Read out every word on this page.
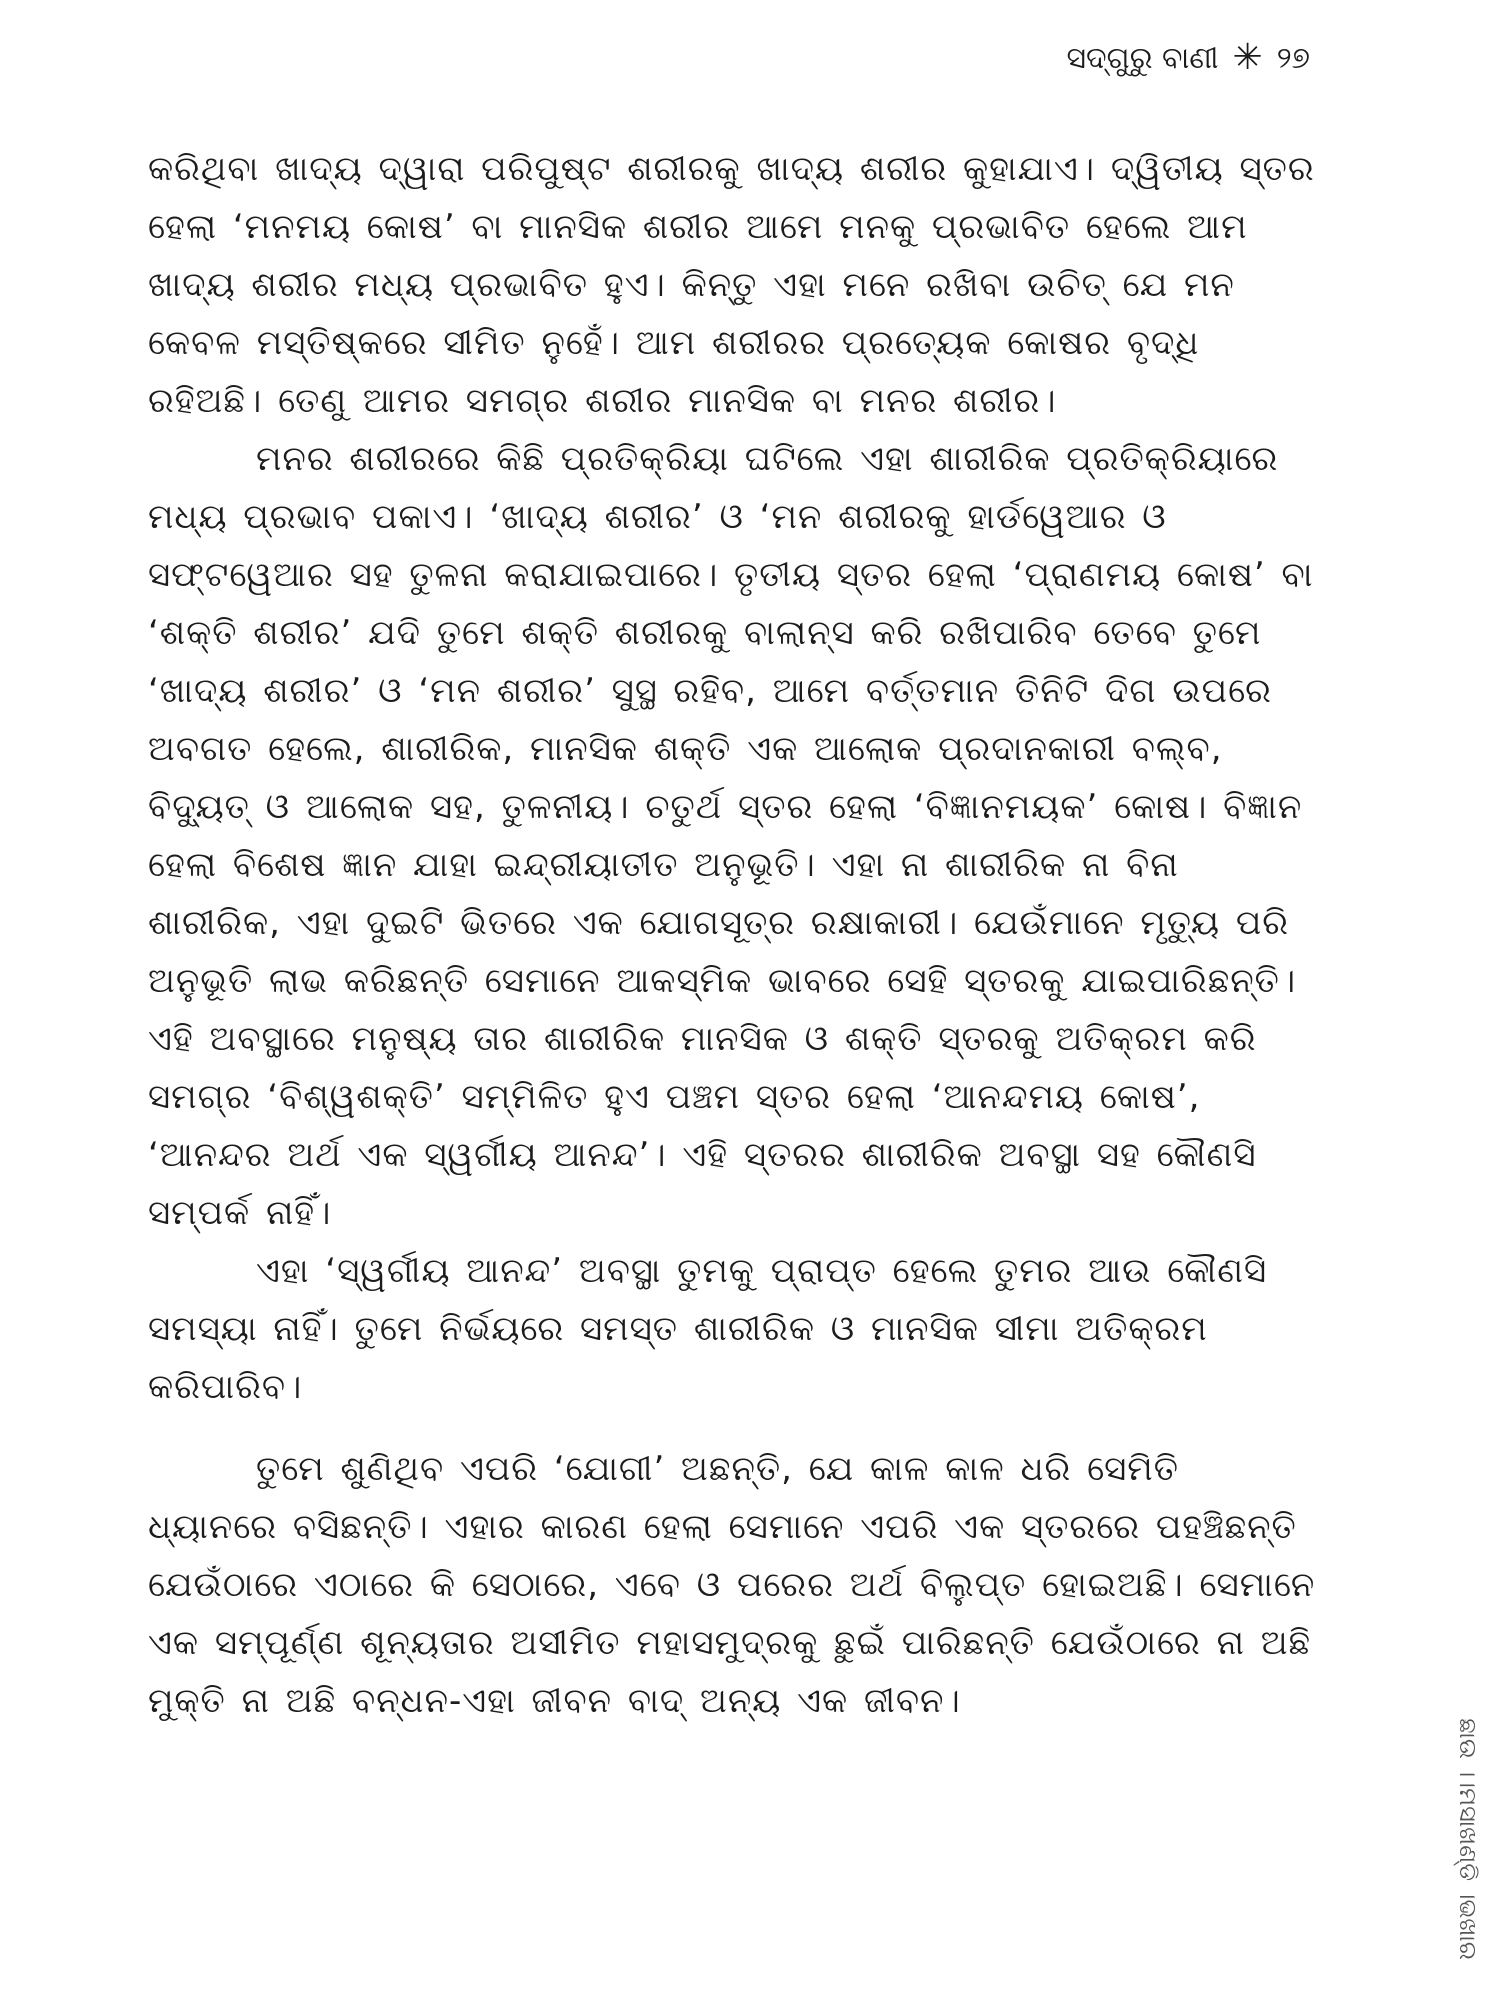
ସଦ୍‌ଗୁରୁ ବାଣୀ ✳ ୨୭

କରିଥିବା ଖାଦ୍ୟ ଦ୍ୱାରା ପରିପୁଷ୍ଟ ଶରୀରକୁ ଖାଦ୍ୟ ଶରୀର କୁହାଯାଏ। ଦ୍ୱିତୀୟ ସ୍ତର ହେଲା ‘ମନମୟ କୋଷ’ ବା ମାନସିକ ଶରୀର ଆମେ ମନକୁ ପ୍ରଭାବିତ ହେଲେ ଆମ ଖାଦ୍ୟ ଶରୀର ମଧ୍ୟ ପ୍ରଭାବିତ ହୁଏ। କିନ୍ତୁ ଏହା ମନେ ରଖିବା ଉଚିତ୍ ଯେ ମନ କେବଳ ମସ୍ତିଷ୍କରେ ସୀମିତ ନୁହେଁ। ଆମ ଶରୀରର ପ୍ରତ୍ୟେକ କୋଷର ବୃଦ୍ଧି ରହିଅଛି। ତେଣୁ ଆମର ସମଗ୍ର ଶରୀର ମାନସିକ ବା ମନର ଶରୀର।

ମନର ଶରୀରରେ କିଛି ପ୍ରତିକ୍ରିୟା ଘଟିଲେ ଏହା ଶାରୀରିକ ପ୍ରତିକ୍ରିୟାରେ ମଧ୍ୟ ପ୍ରଭାବ ପକାଏ। ‘ଖାଦ୍ୟ ଶରୀର’ ଓ ‘ମନ ଶରୀରକୁ ହାର୍ଡୱେଆର ଓ ସଫ୍ଟୱେଆର ସହ ତୁଳନା କରାଯାଇପାରେ। ତୃତୀୟ ସ୍ତର ହେଲା ‘ପ୍ରାଣମୟ କୋଷ’ ବା ‘ଶକ୍ତି ଶରୀର’ ଯଦି ତୁମେ ଶକ୍ତି ଶରୀରକୁ ବାଲାନ୍ସ କରି ରଖିପାରିବ ତେବେ ତୁମେ ‘ଖାଦ୍ୟ ଶରୀର’ ଓ ‘ମନ ଶରୀର’ ସୁସ୍ଥ ରହିବ, ଆମେ ବର୍ତ୍ତମାନ ତିନିଟି ଦିଗ ଉପରେ ଅବଗତ ହେଲେ, ଶାରୀରିକ, ମାନସିକ ଶକ୍ତି ଏକ ଆଲୋକ ପ୍ରଦାନକାରୀ ବଲ୍‌ବ, ବିଦ୍ୟୁତ୍ ଓ ଆଲୋକ ସହ, ତୁଳନୀୟ। ଚତୁର୍ଥ ସ୍ତର ହେଲା ‘ବିଜ୍ଞାନମୟକ’ କୋଷ। ବିଜ୍ଞାନ ହେଲା ବିଶେଷ ଜ୍ଞାନ ଯାହା ଇନ୍ଦ୍ରୀୟାତୀତ ଅନୁଭୂତି। ଏହା ନା ଶାରୀରିକ ନା ବିନା ଶାରୀରିକ, ଏହା ଦୁଇଟି ଭିତରେ ଏକ ଯୋଗସୂତ୍ର ରକ୍ଷାକାରୀ। ଯେଉଁମାନେ ମୃତ୍ୟୁ ପରି ଅନୁଭୂତି ଲାଭ କରିଛନ୍ତି ସେମାନେ ଆକସ୍ମିକ ଭାବରେ ସେହି ସ୍ତରକୁ ଯାଇପାରିଛନ୍ତି। ଏହି ଅବସ୍ଥାରେ ମନୁଷ୍ୟ ତାର ଶାରୀରିକ ମାନସିକ ଓ ଶକ୍ତି ସ୍ତରକୁ ଅତିକ୍ରମ କରି ସମଗ୍ର ‘ବିଶ୍ୱଶକ୍ତି’ ସମ୍ମିଳିତ ହୁଏ ପଞ୍ଚମ ସ୍ତର ହେଲା ‘ଆନନ୍ଦମୟ କୋଷ’, ‘ଆନନ୍ଦର ଅର୍ଥ ଏକ ସ୍ୱର୍ଗୀୟ ଆନନ୍ଦ’। ଏହି ସ୍ତରର ଶାରୀରିକ ଅବସ୍ଥା ସହ କୌଣସି ସମ୍ପର୍କ ନାହିଁ।

ଏହା ‘ସ୍ୱର୍ଗୀୟ ଆନନ୍ଦ’ ଅବସ୍ଥା ତୁମକୁ ପ୍ରାପ୍ତ ହେଲେ ତୁମର ଆଉ କୌଣସି ସମସ୍ୟା ନାହିଁ। ତୁମେ ନିର୍ଭୟରେ ସମସ୍ତ ଶାରୀରିକ ଓ ମାନସିକ ସୀମା ଅତିକ୍ରମ କରିପାରିବ।

ତୁମେ ଶୁଣିଥିବ ଏପରି ‘ଯୋଗୀ’ ଅଛନ୍ତି, ଯେ କାଳ କାଳ ଧରି ସେମିତି ଧ୍ୟାନରେ ବସିଛନ୍ତି। ଏହାର କାରଣ ହେଲା ସେମାନେ ଏପରି ଏକ ସ୍ତରରେ ପହଞ୍ଚିଛନ୍ତି ଯେଉଁଠାରେ ଏଠାରେ କି ସେଠାରେ, ଏବେ ଓ ପରେର ଅର୍ଥ ବିଲୁପ୍ତ ହୋଇଅଛି। ସେମାନେ ଏକ ସମ୍ପୂର୍ଣ୍ଣ ଶୂନ୍ୟତାର ଅସୀମିତ ମହାସମୁଦ୍ରକୁ ଛୁଇଁ ପାରିଛନ୍ତି ଯେଉଁଠାରେ ନା ଅଛି ମୁକ୍ତି ନା ଅଛି ବନ୍ଧନ-ଏହା ଜୀବନ ବାଦ୍ ଅନ୍ୟ ଏକ ଜୀବନ।

ଛାଉ ।।ମସାଖଣ୍ଡି ।ଭଖାର
